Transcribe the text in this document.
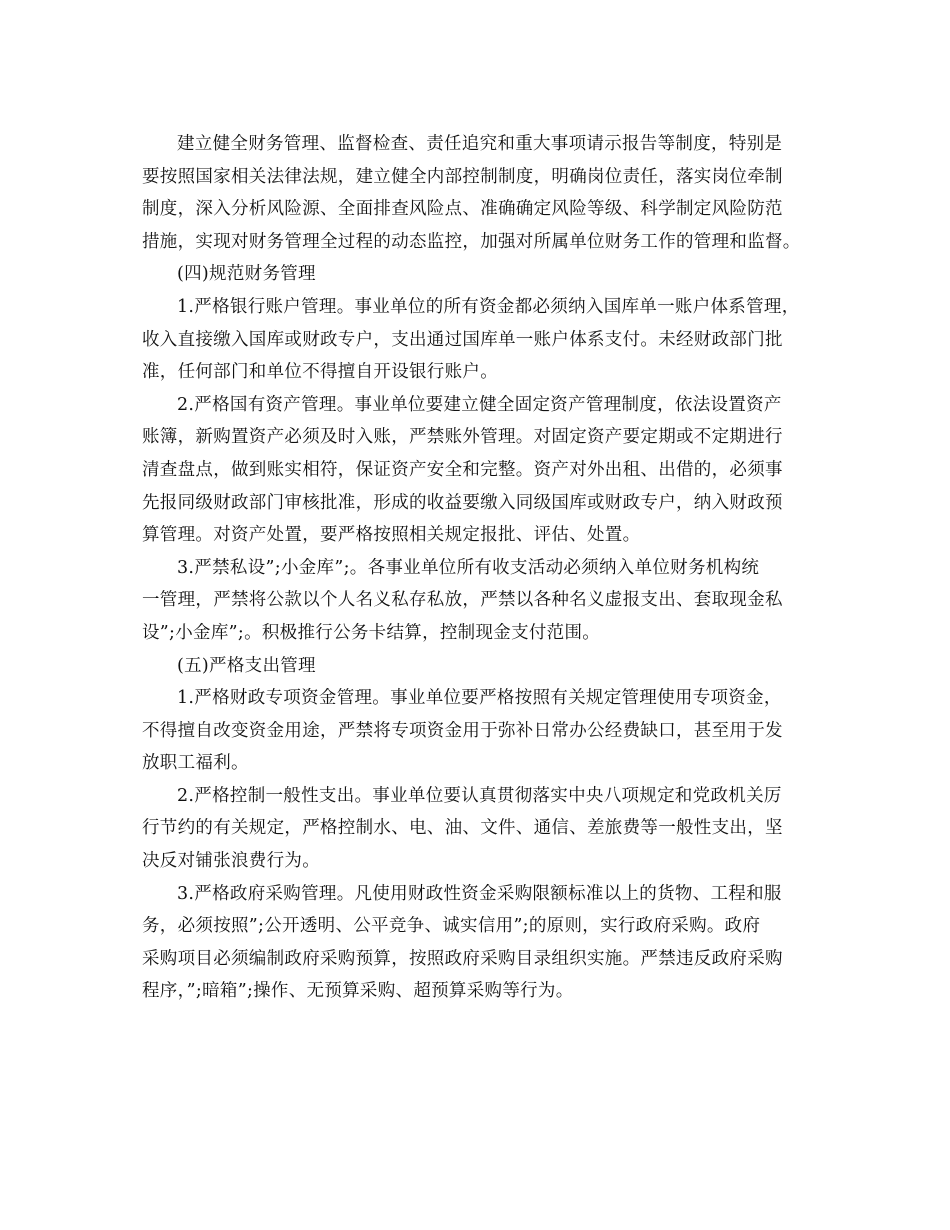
建立健全财务管理、监督检查、责任追究和重大事项请示报告等制度，特别是
要按照国家相关法律法规，建立健全内部控制制度，明确岗位责任，落实岗位牵制
制度，深入分析风险源、全面排查风险点、准确确定风险等级、科学制定风险防范
措施，实现对财务管理全过程的动态监控，加强对所属单位财务工作的管理和监督。
(四)规范财务管理
1.严格银行账户管理。事业单位的所有资金都必须纳入国库单一账户体系管理，
收入直接缴入国库或财政专户，支出通过国库单一账户体系支付。未经财政部门批
准，任何部门和单位不得擅自开设银行账户。
2.严格国有资产管理。事业单位要建立健全固定资产管理制度，依法设置资产
账簿，新购置资产必须及时入账，严禁账外管理。对固定资产要定期或不定期进行
清查盘点，做到账实相符，保证资产安全和完整。资产对外出租、出借的，必须事
先报同级财政部门审核批准，形成的收益要缴入同级国库或财政专户，纳入财政预
算管理。对资产处置，要严格按照相关规定报批、评估、处置。
3.严禁私设”;小金库”;。各事业单位所有收支活动必须纳入单位财务机构统
一管理，严禁将公款以个人名义私存私放，严禁以各种名义虚报支出、套取现金私
设”;小金库”;。积极推行公务卡结算，控制现金支付范围。
(五)严格支出管理
1.严格财政专项资金管理。事业单位要严格按照有关规定管理使用专项资金，
不得擅自改变资金用途，严禁将专项资金用于弥补日常办公经费缺口，甚至用于发
放职工福利。
2.严格控制一般性支出。事业单位要认真贯彻落实中央八项规定和党政机关厉
行节约的有关规定，严格控制水、电、油、文件、通信、差旅费等一般性支出，坚
决反对铺张浪费行为。
3.严格政府采购管理。凡使用财政性资金采购限额标准以上的货物、工程和服
务，必须按照”;公开透明、公平竞争、诚实信用”;的原则，实行政府采购。政府
采购项目必须编制政府采购预算，按照政府采购目录组织实施。严禁违反政府采购
程序，”;暗箱”;操作、无预算采购、超预算采购等行为。
